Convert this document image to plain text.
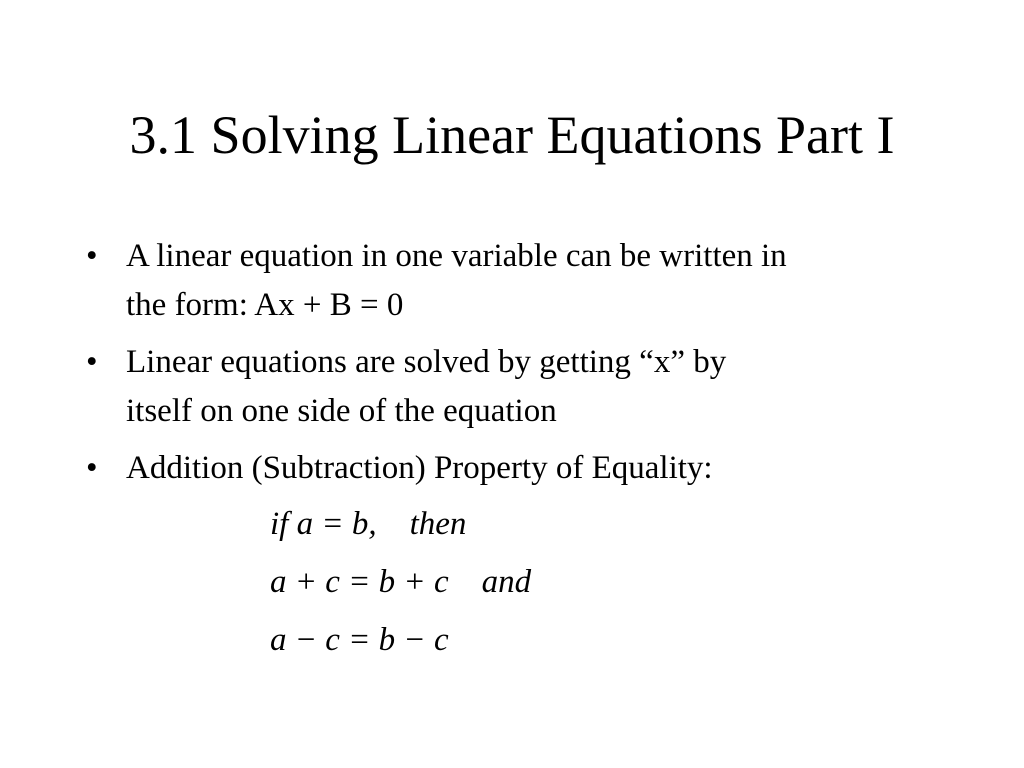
3.1 Solving Linear Equations Part I
• A linear equation in one variable can be written in
the form: Ax + B = 0
• Linear equations are solved by getting “x” by
itself on one side of the equation
• Addition (Subtraction) Property of Equality:
if a = b,    then
a + c = b + c    and
a − c = b − c
